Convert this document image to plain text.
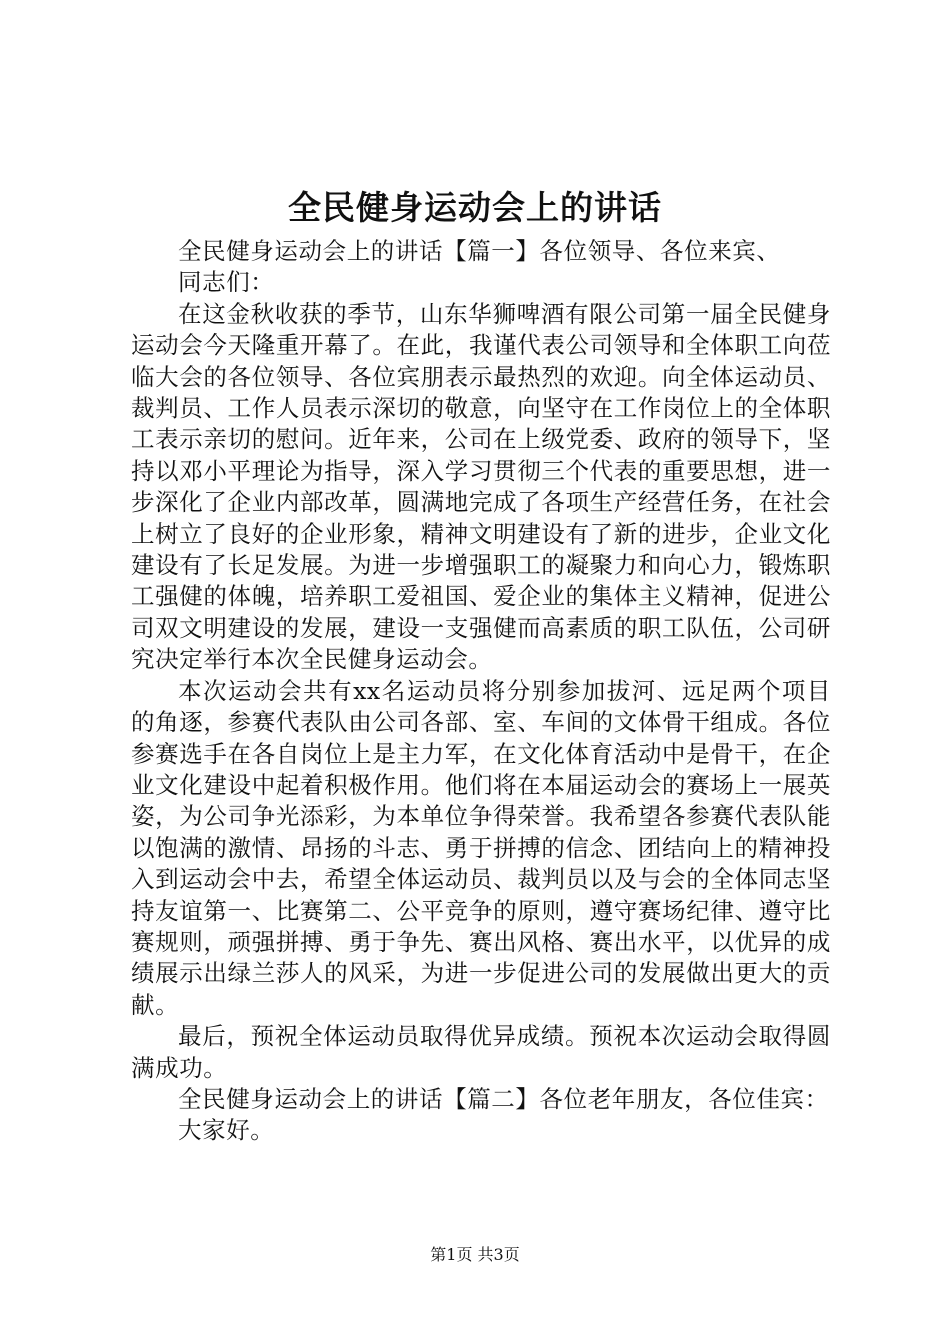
全民健身运动会上的讲话

全民健身运动会上的讲话【篇一】各位领导、各位来宾、

同志们：

在这金秋收获的季节，山东华狮啤酒有限公司第一届全民健身运动会今天隆重开幕了。在此，我谨代表公司领导和全体职工向莅临大会的各位领导、各位宾朋表示最热烈的欢迎。向全体运动员、裁判员、工作人员表示深切的敬意，向坚守在工作岗位上的全体职工表示亲切的慰问。近年来，公司在上级党委、政府的领导下，坚持以邓小平理论为指导，深入学习贯彻三个代表的重要思想，进一步深化了企业内部改革，圆满地完成了各项生产经营任务，在社会上树立了良好的企业形象，精神文明建设有了新的进步，企业文化建设有了长足发展。为进一步增强职工的凝聚力和向心力，锻炼职工强健的体魄，培养职工爱祖国、爱企业的集体主义精神，促进公司双文明建设的发展，建设一支强健而高素质的职工队伍，公司研究决定举行本次全民健身运动会。

本次运动会共有xx名运动员将分别参加拔河、远足两个项目的角逐，参赛代表队由公司各部、室、车间的文体骨干组成。各位参赛选手在各自岗位上是主力军，在文化体育活动中是骨干，在企业文化建设中起着积极作用。他们将在本届运动会的赛场上一展英姿，为公司争光添彩，为本单位争得荣誉。我希望各参赛代表队能以饱满的激情、昂扬的斗志、勇于拼搏的信念、团结向上的精神投入到运动会中去，希望全体运动员、裁判员以及与会的全体同志坚持友谊第一、比赛第二、公平竞争的原则，遵守赛场纪律、遵守比赛规则，顽强拼搏、勇于争先、赛出风格、赛出水平，以优异的成绩展示出绿兰莎人的风采，为进一步促进公司的发展做出更大的贡献。

最后，预祝全体运动员取得优异成绩。预祝本次运动会取得圆满成功。

全民健身运动会上的讲话【篇二】各位老年朋友，各位佳宾：

大家好。

第1页 共3页
